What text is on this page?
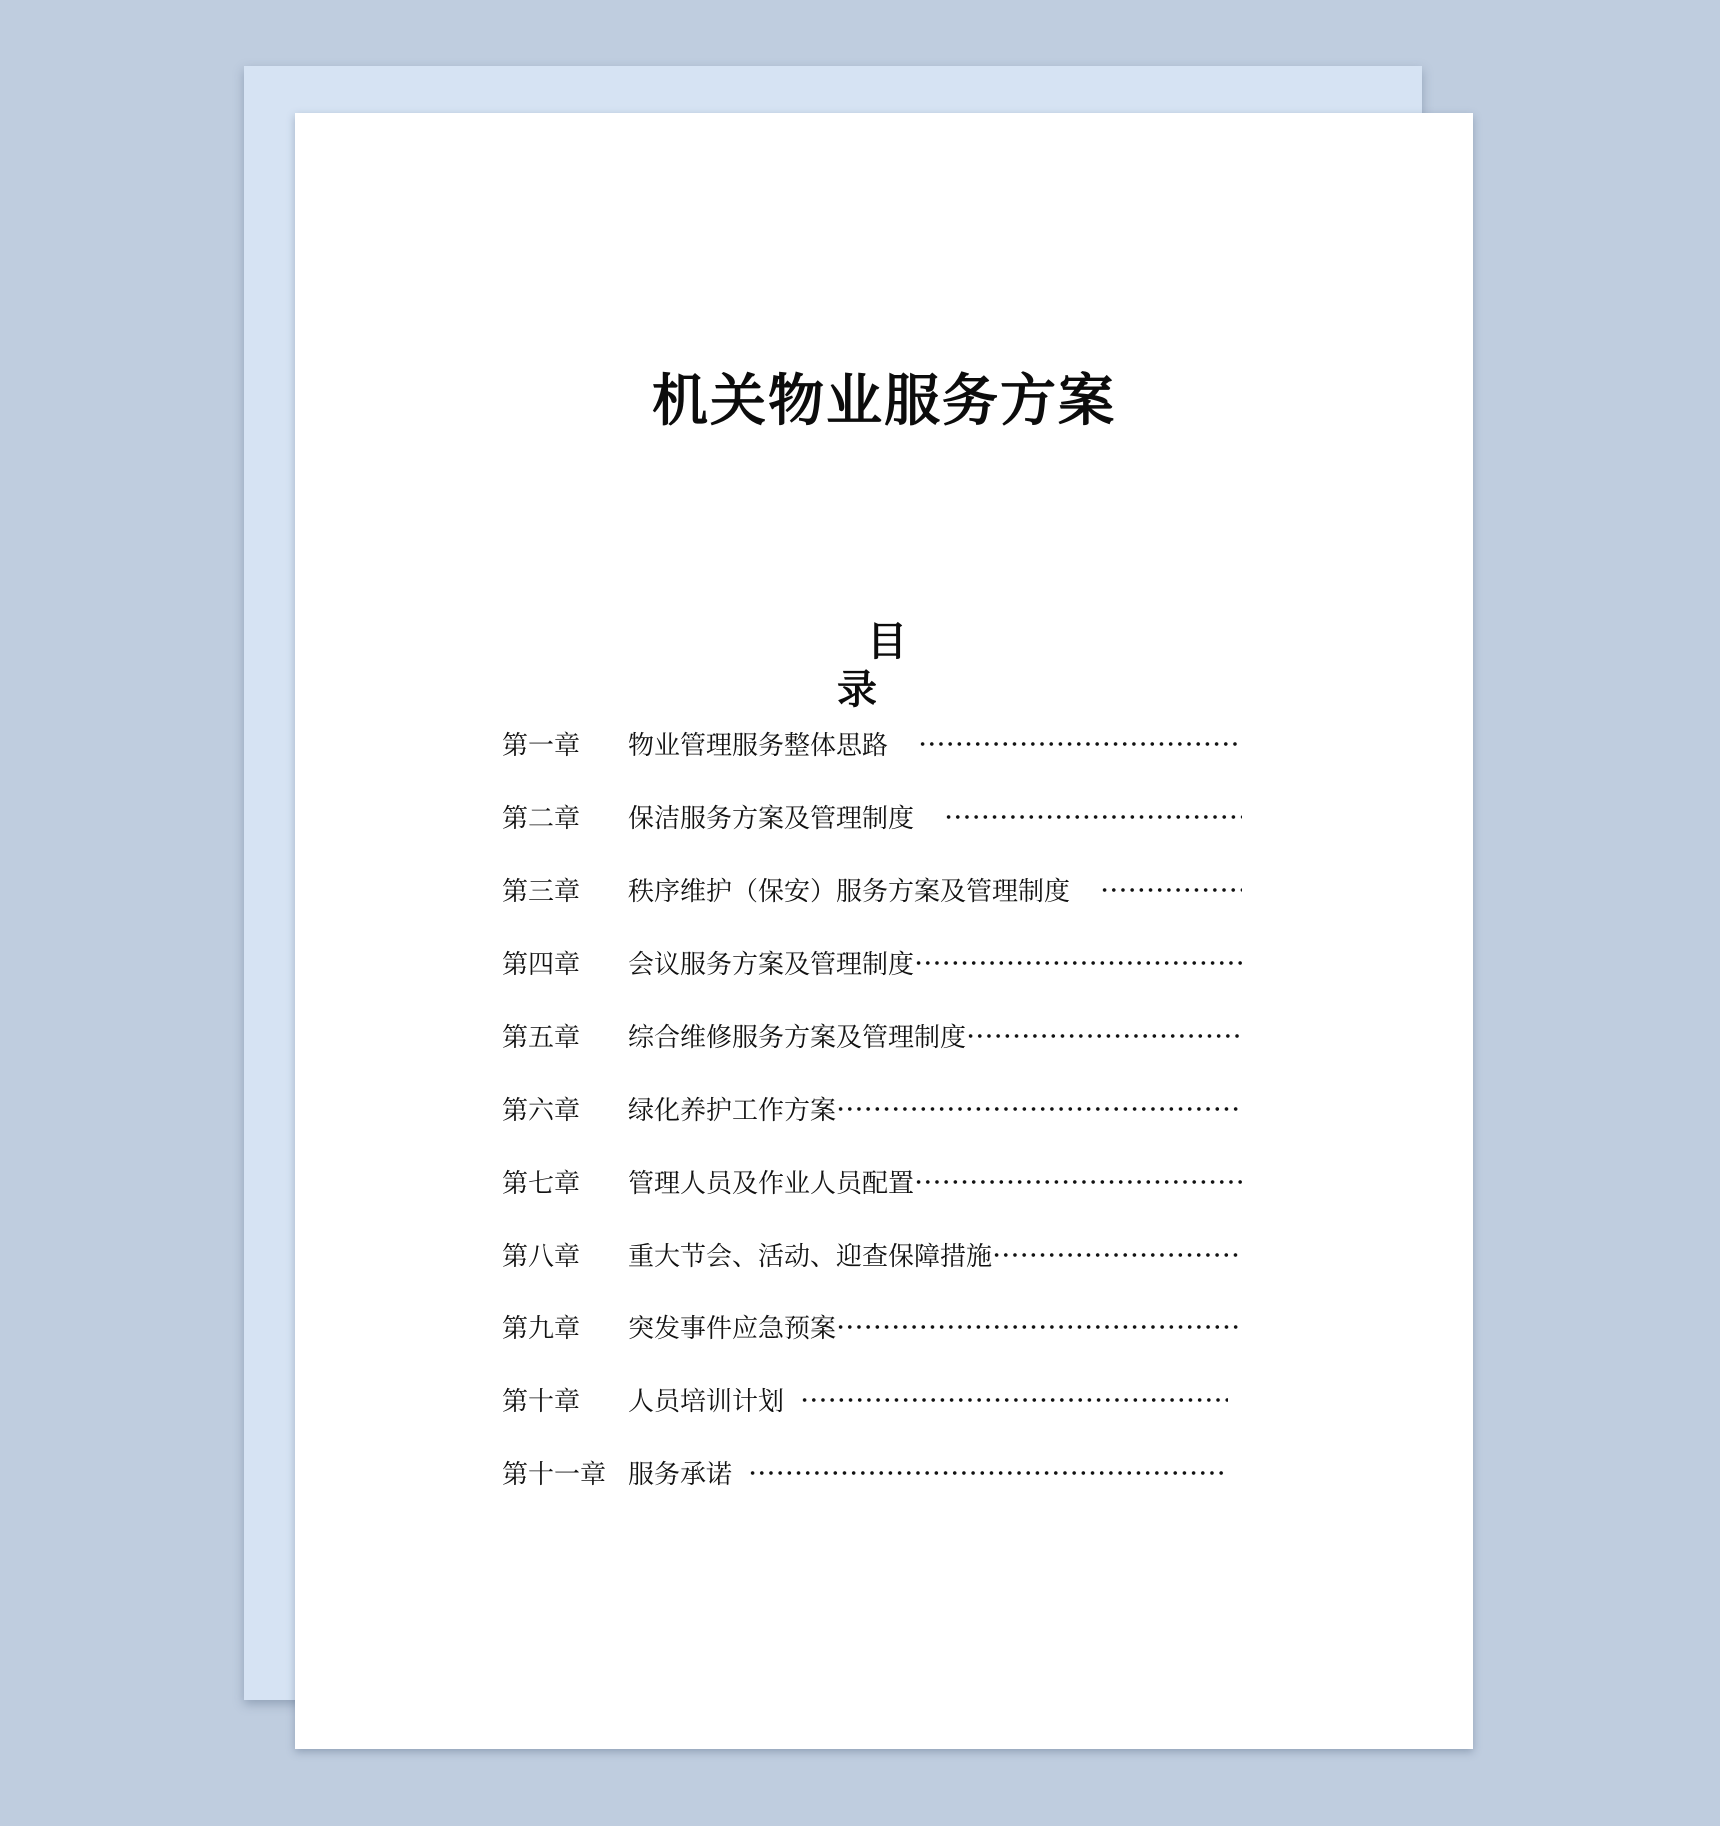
机关物业服务方案
目 录
第一章	物业管理服务整体思路
第二章	保洁服务方案及管理制度
第三章	秩序维护（保安）服务方案及管理制度
第四章	会议服务方案及管理制度
第五章	综合维修服务方案及管理制度
第六章	绿化养护工作方案
第七章	管理人员及作业人员配置
第八章	重大节会、活动、迎查保障措施
第九章	突发事件应急预案
第十章	人员培训计划
第十一章 服务承诺
